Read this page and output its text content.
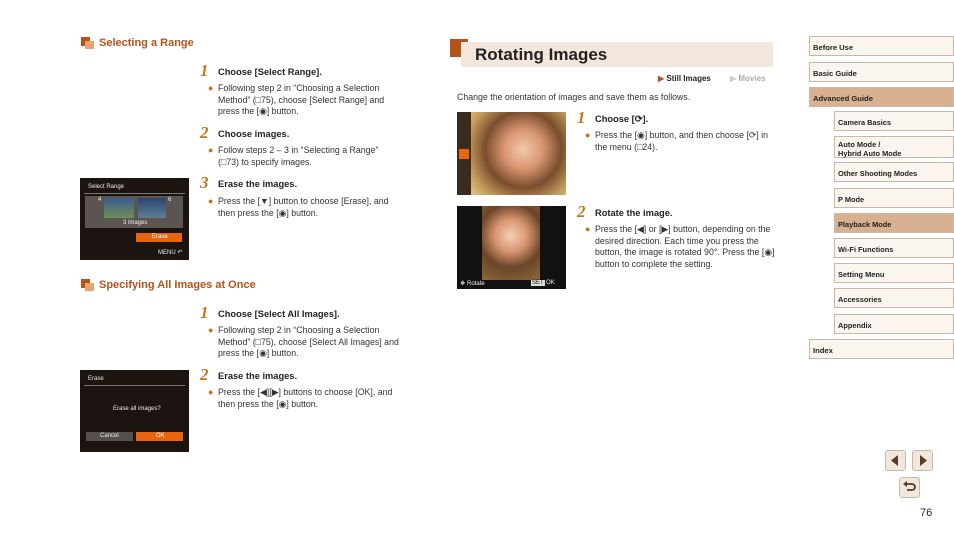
Selecting a Range
1 Choose [Select Range].
● Following step 2 in “Choosing a Selection Method” (□75), choose [Select Range] and press the [◉] button.
2 Choose images.
● Follow steps 2 – 3 in “Selecting a Range” (□73) to specify images.
3 Erase the images.
● Press the [▼] button to choose [Erase], and then press the [◉] button.
Select Range
4	6
3 images
Erase
MENU ↶
Specifying All Images at Once
1 Choose [Select All Images].
● Following step 2 in “Choosing a Selection Method” (□75), choose [Select All Images] and press the [◉] button.
2 Erase the images.
● Press the [◀][▶] buttons to choose [OK], and then press the [◉] button.
Erase
Erase all images?
Cancel	OK
Rotating Images
▶ Still Images ▶ Movies
Change the orientation of images and save them as follows.
1 Choose [⟳].
● Press the [◉] button, and then choose [⟳] in the menu (□24).
❖ Rotate	SET OK
2 Rotate the image.
● Press the [◀] or [▶] button, depending on the desired direction. Each time you press the button, the image is rotated 90°. Press the [◉] button to complete the setting.
Before Use
Basic Guide
Advanced Guide
Camera Basics
Auto Mode /
Hybrid Auto Mode
Other Shooting Modes
P Mode
Playback Mode
Wi-Fi Functions
Setting Menu
Accessories
Appendix
Index
76
